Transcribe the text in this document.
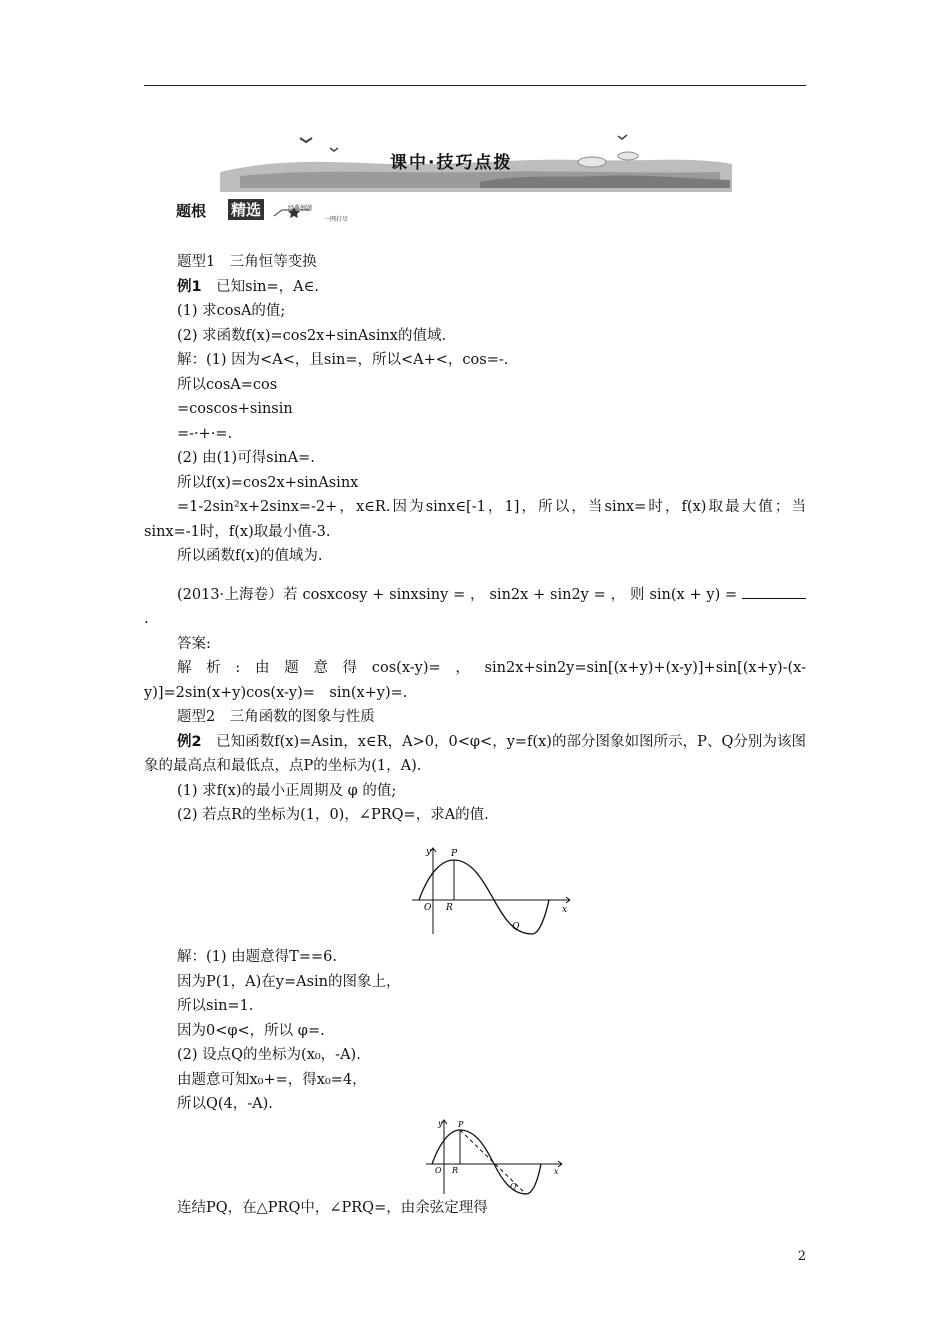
课中·技巧点拨
题根 精选	经典例题
一网打尽
题型1　三角恒等变换
例1　已知sin=，A∈.
(1) 求cosA的值;
(2) 求函数f(x)=cos2x+sinAsinx的值域.
解：(1) 因为<A<，且sin=，所以<A+<，cos=-.
所以cosA=cos
=coscos+sinsin
=-·+·=.
(2) 由(1)可得sinA=.
所以f(x)=cos2x+sinAsinx
=1-2sin²x+2sinx=-2+，x∈R.因为sinx∈[-1，1]，所以，当sinx=时，f(x)取最大值；当sinx=-1时，f(x)取最小值-3.
所以函数f(x)的值域为.
(2013·上海卷）若 cosxcosy + sinxsiny = ， sin2x + sin2y = ， 则 sin(x + y) = .
答案:
解析:由题意得cos(x-y)=，sin2x+sin2y=sin[(x+y)+(x-y)]+sin[(x+y)-(x-y)]=2sin(x+y)cos(x-y)=　sin(x+y)=.
题型2　三角函数的图象与性质
例2　已知函数f(x)=Asin，x∈R，A>0，0<φ<，y=f(x)的部分图象如图所示，P、Q分别为该图象的最高点和最低点，点P的坐标为(1，A).
(1) 求f(x)的最小正周期及 φ 的值;
(2) 若点R的坐标为(1，0)，∠PRQ=，求A的值.
y P
O R
Q
x
解：(1) 由题意得T==6.
因为P(1，A)在y=Asin的图象上，
所以sin=1.
因为0<φ<，所以 φ=.
(2) 设点Q的坐标为(x₀，-A).
由题意可知x₀+=，得x₀=4，
所以Q(4，-A).
y P
O R
Q
x
连结PQ，在△PRQ中，∠PRQ=，由余弦定理得
2
